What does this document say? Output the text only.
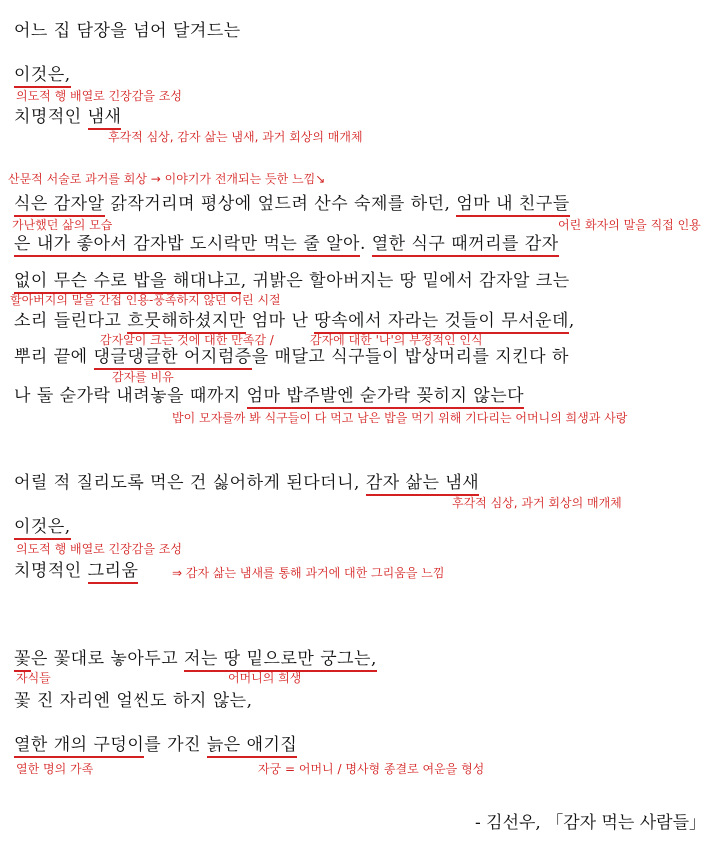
어느 집 담장을 넘어 달겨드는
이것은,
의도적 행 배열로 긴장감을 조성
치명적인 냄새
후각적 심상, 감자 삶는 냄새, 과거 회상의 매개체
산문적 서술로 과거를 회상 → 이야기가 전개되는 듯한 느낌↘
식은 감자알 갉작거리며 평상에 엎드려 산수 숙제를 하던, 엄마 내 친구들
가난했던 삶의 모습	어린 화자의 말을 직접 인용
은 내가 좋아서 감자밥 도시락만 먹는 줄 알아. 열한 식구 때꺼리를 감자
없이 무슨 수로 밥을 해대냐고, 귀밝은 할아버지는 땅 밑에서 감자알 크는
할아버지의 말을 간접 인용-풍족하지 않던 어린 시절
소리 들린다고 흐뭇해하셨지만 엄마 난 땅속에서 자라는 것들이 무서운데,
감자알이 크는 것에 대한 만족감 /	감자에 대한 '나'의 부정적인 인식
뿌리 끝에 댕글댕글한 어지럼증을 매달고 식구들이 밥상머리를 지킨다 하
감자를 비유
나 둘 숟가락 내려놓을 때까지 엄마 밥주발엔 숟가락 꽂히지 않는다
밥이 모자를까 봐 식구들이 다 먹고 남은 밥을 먹기 위해 기다리는 어머니의 희생과 사랑
어릴 적 질리도록 먹은 건 싫어하게 된다더니, 감자 삶는 냄새
후각적 심상, 과거 회상의 매개체
이것은,
의도적 행 배열로 긴장감을 조성
치명적인 그리움	⇒ 감자 삶는 냄새를 통해 과거에 대한 그리움을 느낌
꽃은 꽃대로 놓아두고 저는 땅 밑으로만 궁그는,
자식들	어머니의 희생
꽃 진 자리엔 얼씬도 하지 않는,
열한 개의 구덩이를 가진 늙은 애기집
열한 명의 가족	자궁 = 어머니 / 명사형 종결로 여운을 형성
- 김선우, 「감자 먹는 사람들」
